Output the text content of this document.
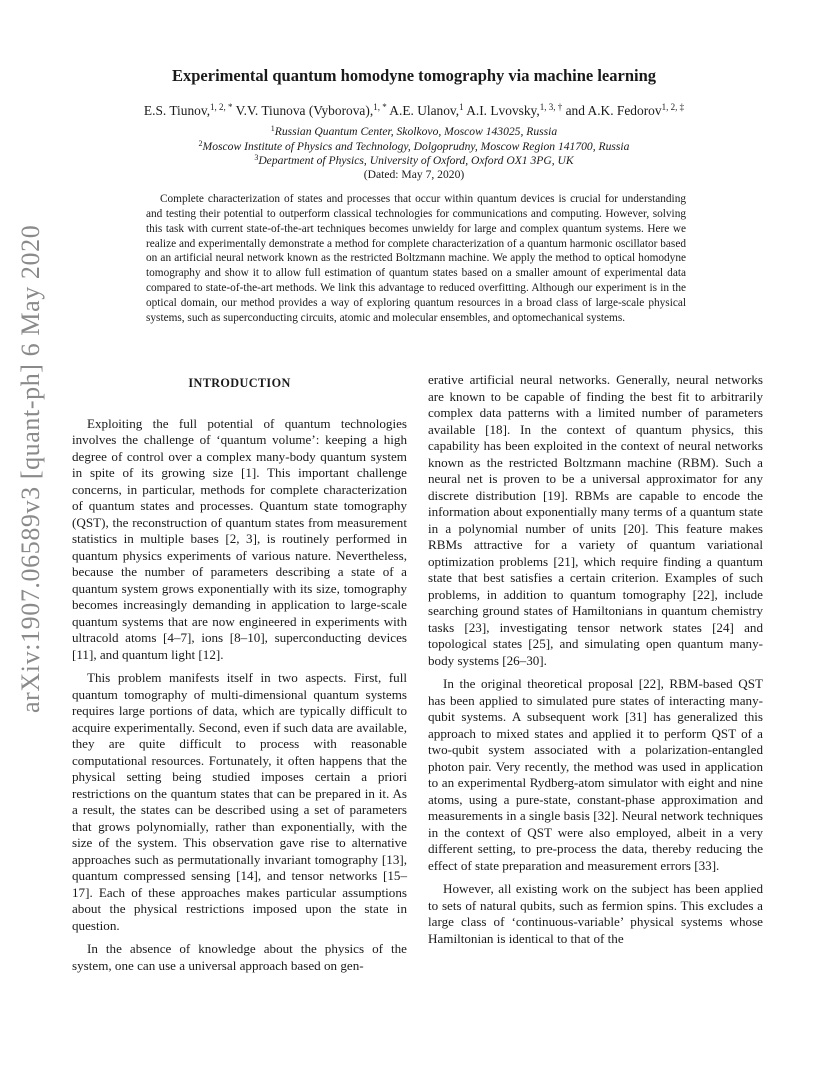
arXiv:1907.06589v3 [quant-ph] 6 May 2020
Experimental quantum homodyne tomography via machine learning
E.S. Tiunov,$^{1, 2, *}$ V.V. Tiunova (Vyborova),$^{1, *}$ A.E. Ulanov,$^1$ A.I. Lvovsky,$^{1, 3, \dagger}$ and A.K. Fedorov$^{1, 2, \ddagger}$
$^1$Russian Quantum Center, Skolkovo, Moscow 143025, Russia
$^2$Moscow Institute of Physics and Technology, Dolgoprudny, Moscow Region 141700, Russia
$^3$Department of Physics, University of Oxford, Oxford OX1 3PG, UK
(Dated: May 7, 2020)
Complete characterization of states and processes that occur within quantum devices is crucial for understanding and testing their potential to outperform classical technologies for communications and computing. However, solving this task with current state-of-the-art techniques becomes unwieldy for large and complex quantum systems. Here we realize and experimentally demonstrate a method for complete characterization of a quantum harmonic oscillator based on an artificial neural network known as the restricted Boltzmann machine. We apply the method to optical homodyne tomography and show it to allow full estimation of quantum states based on a smaller amount of experimental data compared to state-of-the-art methods. We link this advantage to reduced overfitting. Although our experiment is in the optical domain, our method provides a way of exploring quantum resources in a broad class of large-scale physical systems, such as superconducting circuits, atomic and molecular ensembles, and optomechanical systems.
INTRODUCTION

Exploiting the full potential of quantum technologies involves the challenge of ‘quantum volume’: keeping a high degree of control over a complex many-body quantum system in spite of its growing size [1]. This important challenge concerns, in particular, methods for complete characterization of quantum states and processes. Quantum state tomography (QST), the reconstruction of quantum states from measurement statistics in multiple bases [2, 3], is routinely performed in quantum physics experiments of various nature. Nevertheless, because the number of parameters describing a state of a quantum system grows exponentially with its size, tomography becomes increasingly demanding in application to large-scale quantum systems that are now engineered in experiments with ultracold atoms [4–7], ions [8–10], superconducting devices [11], and quantum light [12].

This problem manifests itself in two aspects. First, full quantum tomography of multi-dimensional quantum systems requires large portions of data, which are typically difficult to acquire experimentally. Second, even if such data are available, they are quite difficult to process with reasonable computational resources. Fortunately, it often happens that the physical setting being studied imposes certain a priori restrictions on the quantum states that can be prepared in it. As a result, the states can be described using a set of parameters that grows polynomially, rather than exponentially, with the size of the system. This observation gave rise to alternative approaches such as permutationally invariant tomography [13], quantum compressed sensing [14], and tensor networks [15–17]. Each of these approaches makes particular assumptions about the physical restrictions imposed upon the state in question.

In the absence of knowledge about the physics of the system, one can use a universal approach based on gen-

erative artificial neural networks. Generally, neural networks are known to be capable of finding the best fit to arbitrarily complex data patterns with a limited number of parameters available [18]. In the context of quantum physics, this capability has been exploited in the context of neural networks known as the restricted Boltzmann machine (RBM). Such a neural net is proven to be a universal approximator for any discrete distribution [19]. RBMs are capable to encode the information about exponentially many terms of a quantum state in a polynomial number of units [20]. This feature makes RBMs attractive for a variety of quantum variational optimization problems [21], which require finding a quantum state that best satisfies a certain criterion. Examples of such problems, in addition to quantum tomography [22], include searching ground states of Hamiltonians in quantum chemistry tasks [23], investigating tensor network states [24] and topological states [25], and simulating open quantum many-body systems [26–30].

In the original theoretical proposal [22], RBM-based QST has been applied to simulated pure states of interacting many-qubit systems. A subsequent work [31] has generalized this approach to mixed states and applied it to perform QST of a two-qubit system associated with a polarization-entangled photon pair. Very recently, the method was used in application to an experimental Rydberg-atom simulator with eight and nine atoms, using a pure-state, constant-phase approximation and measurements in a single basis [32]. Neural network techniques in the context of QST were also employed, albeit in a very different setting, to pre-process the data, thereby reducing the effect of state preparation and measurement errors [33].

However, all existing work on the subject has been applied to sets of natural qubits, such as fermion spins. This excludes a large class of ‘continuous-variable’ physical systems whose Hamiltonian is identical to that of the
